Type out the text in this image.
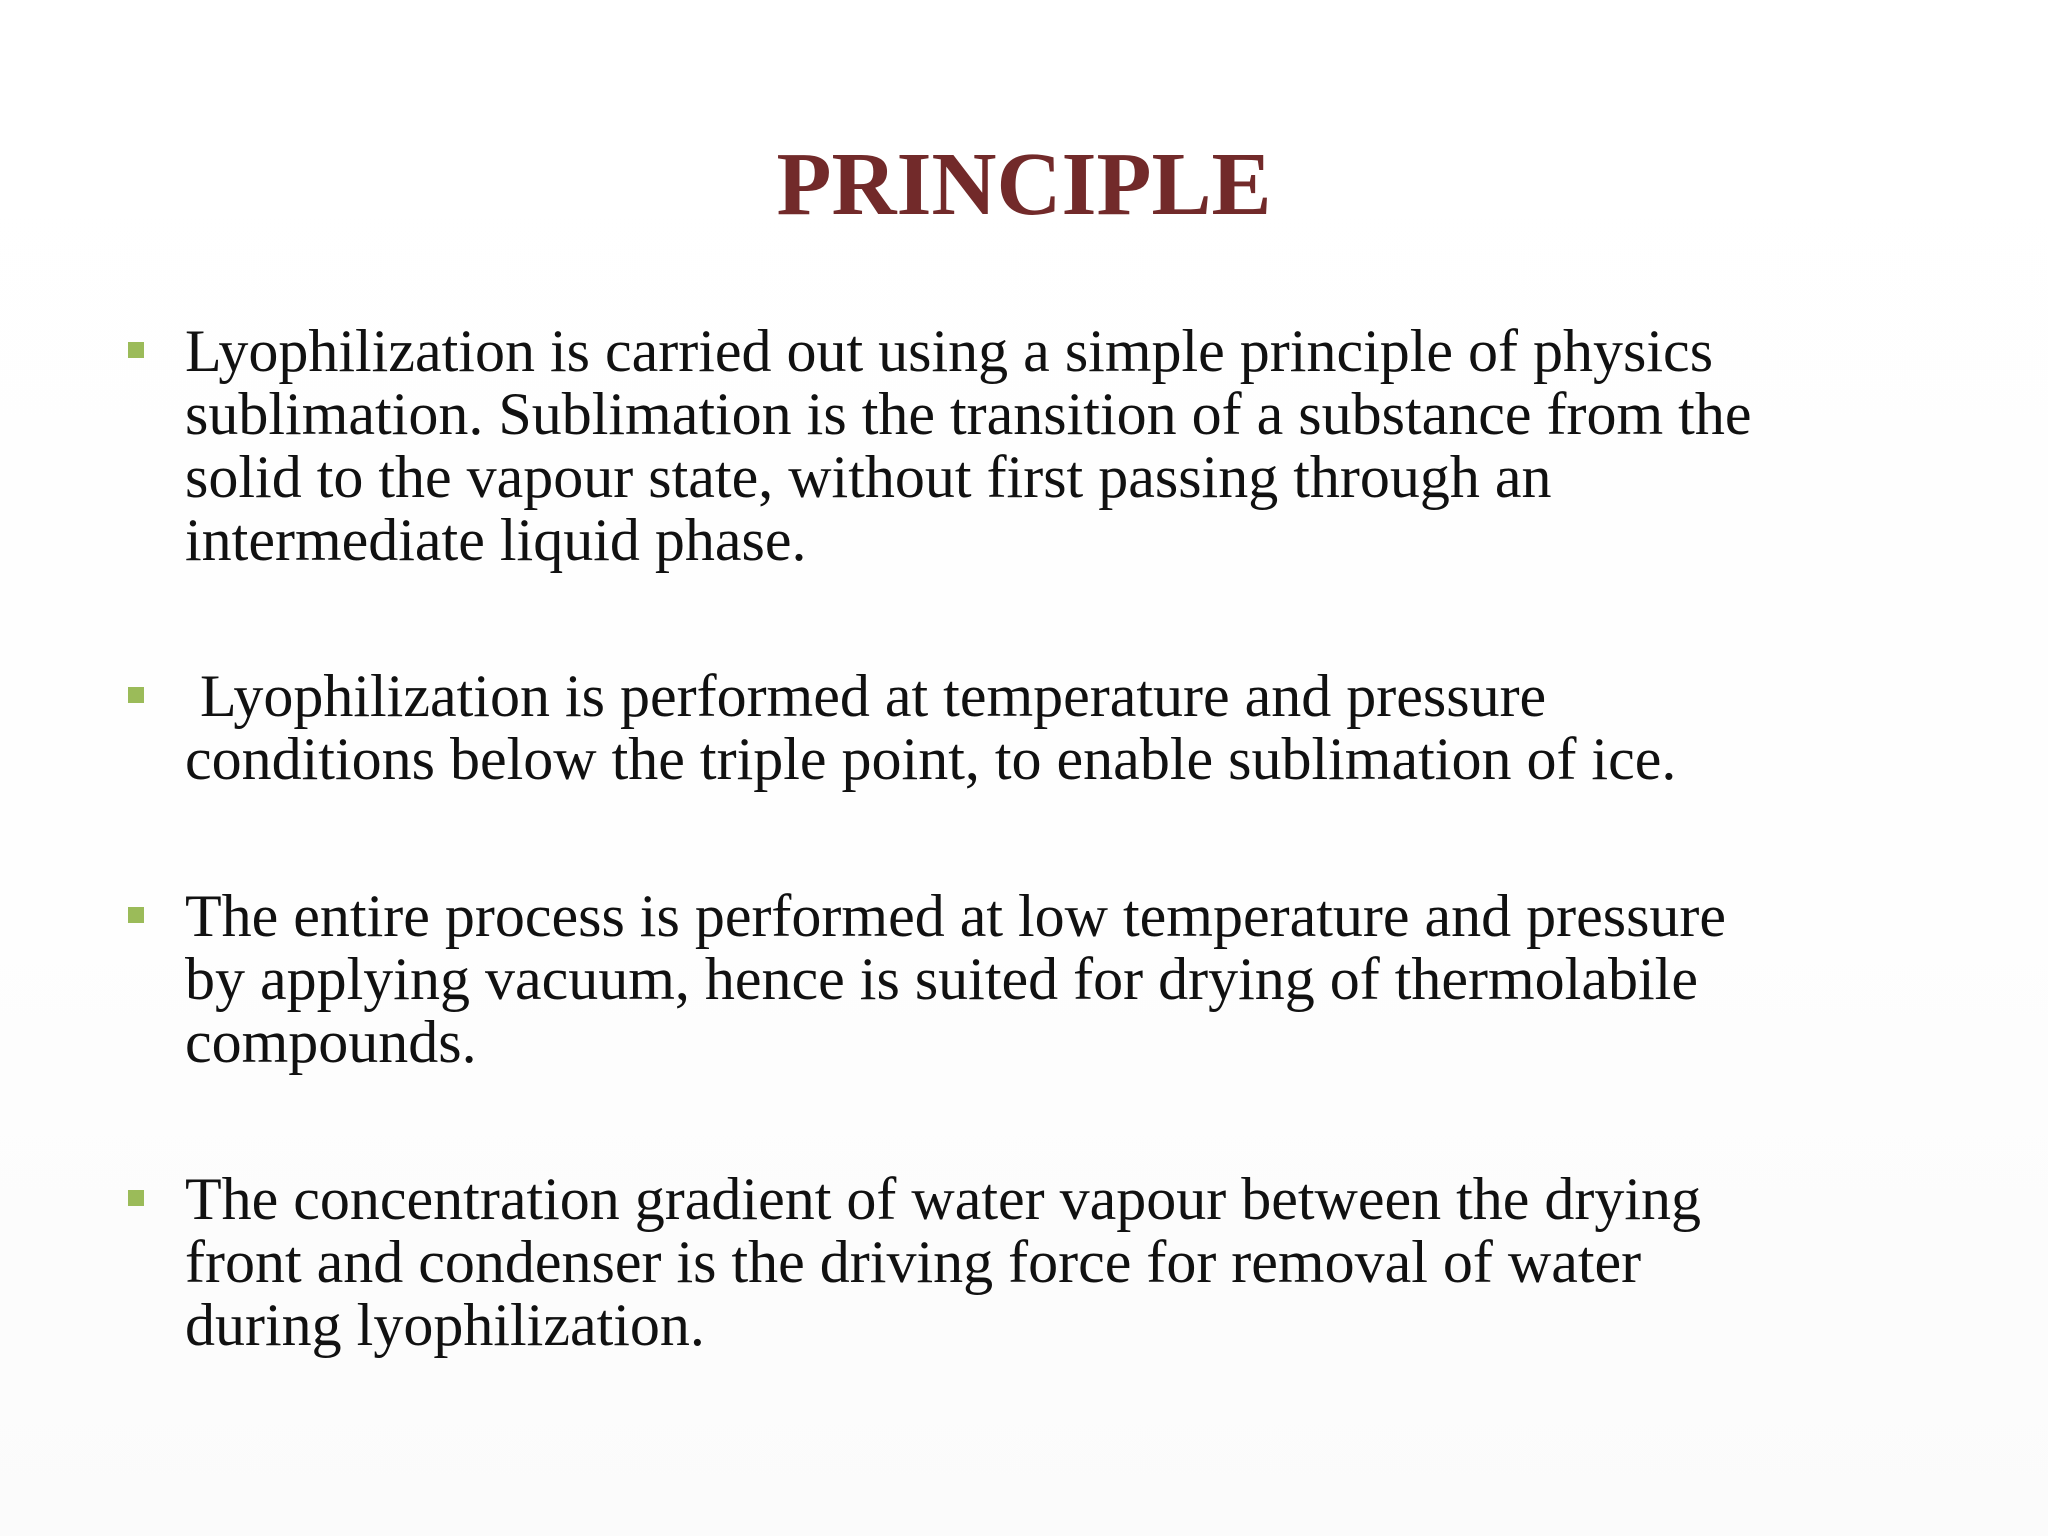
PRINCIPLE
Lyophilization is carried out using a simple principle of physics
sublimation. Sublimation is the transition of a substance from the
solid to the vapour state, without first passing through an
intermediate liquid phase.
Lyophilization is performed at temperature and pressure
conditions below the triple point, to enable sublimation of ice.
The entire process is performed at low temperature and pressure
by applying vacuum, hence is suited for drying of thermolabile
compounds.
The concentration gradient of water vapour between the drying
front and condenser is the driving force for removal of water
during lyophilization.
